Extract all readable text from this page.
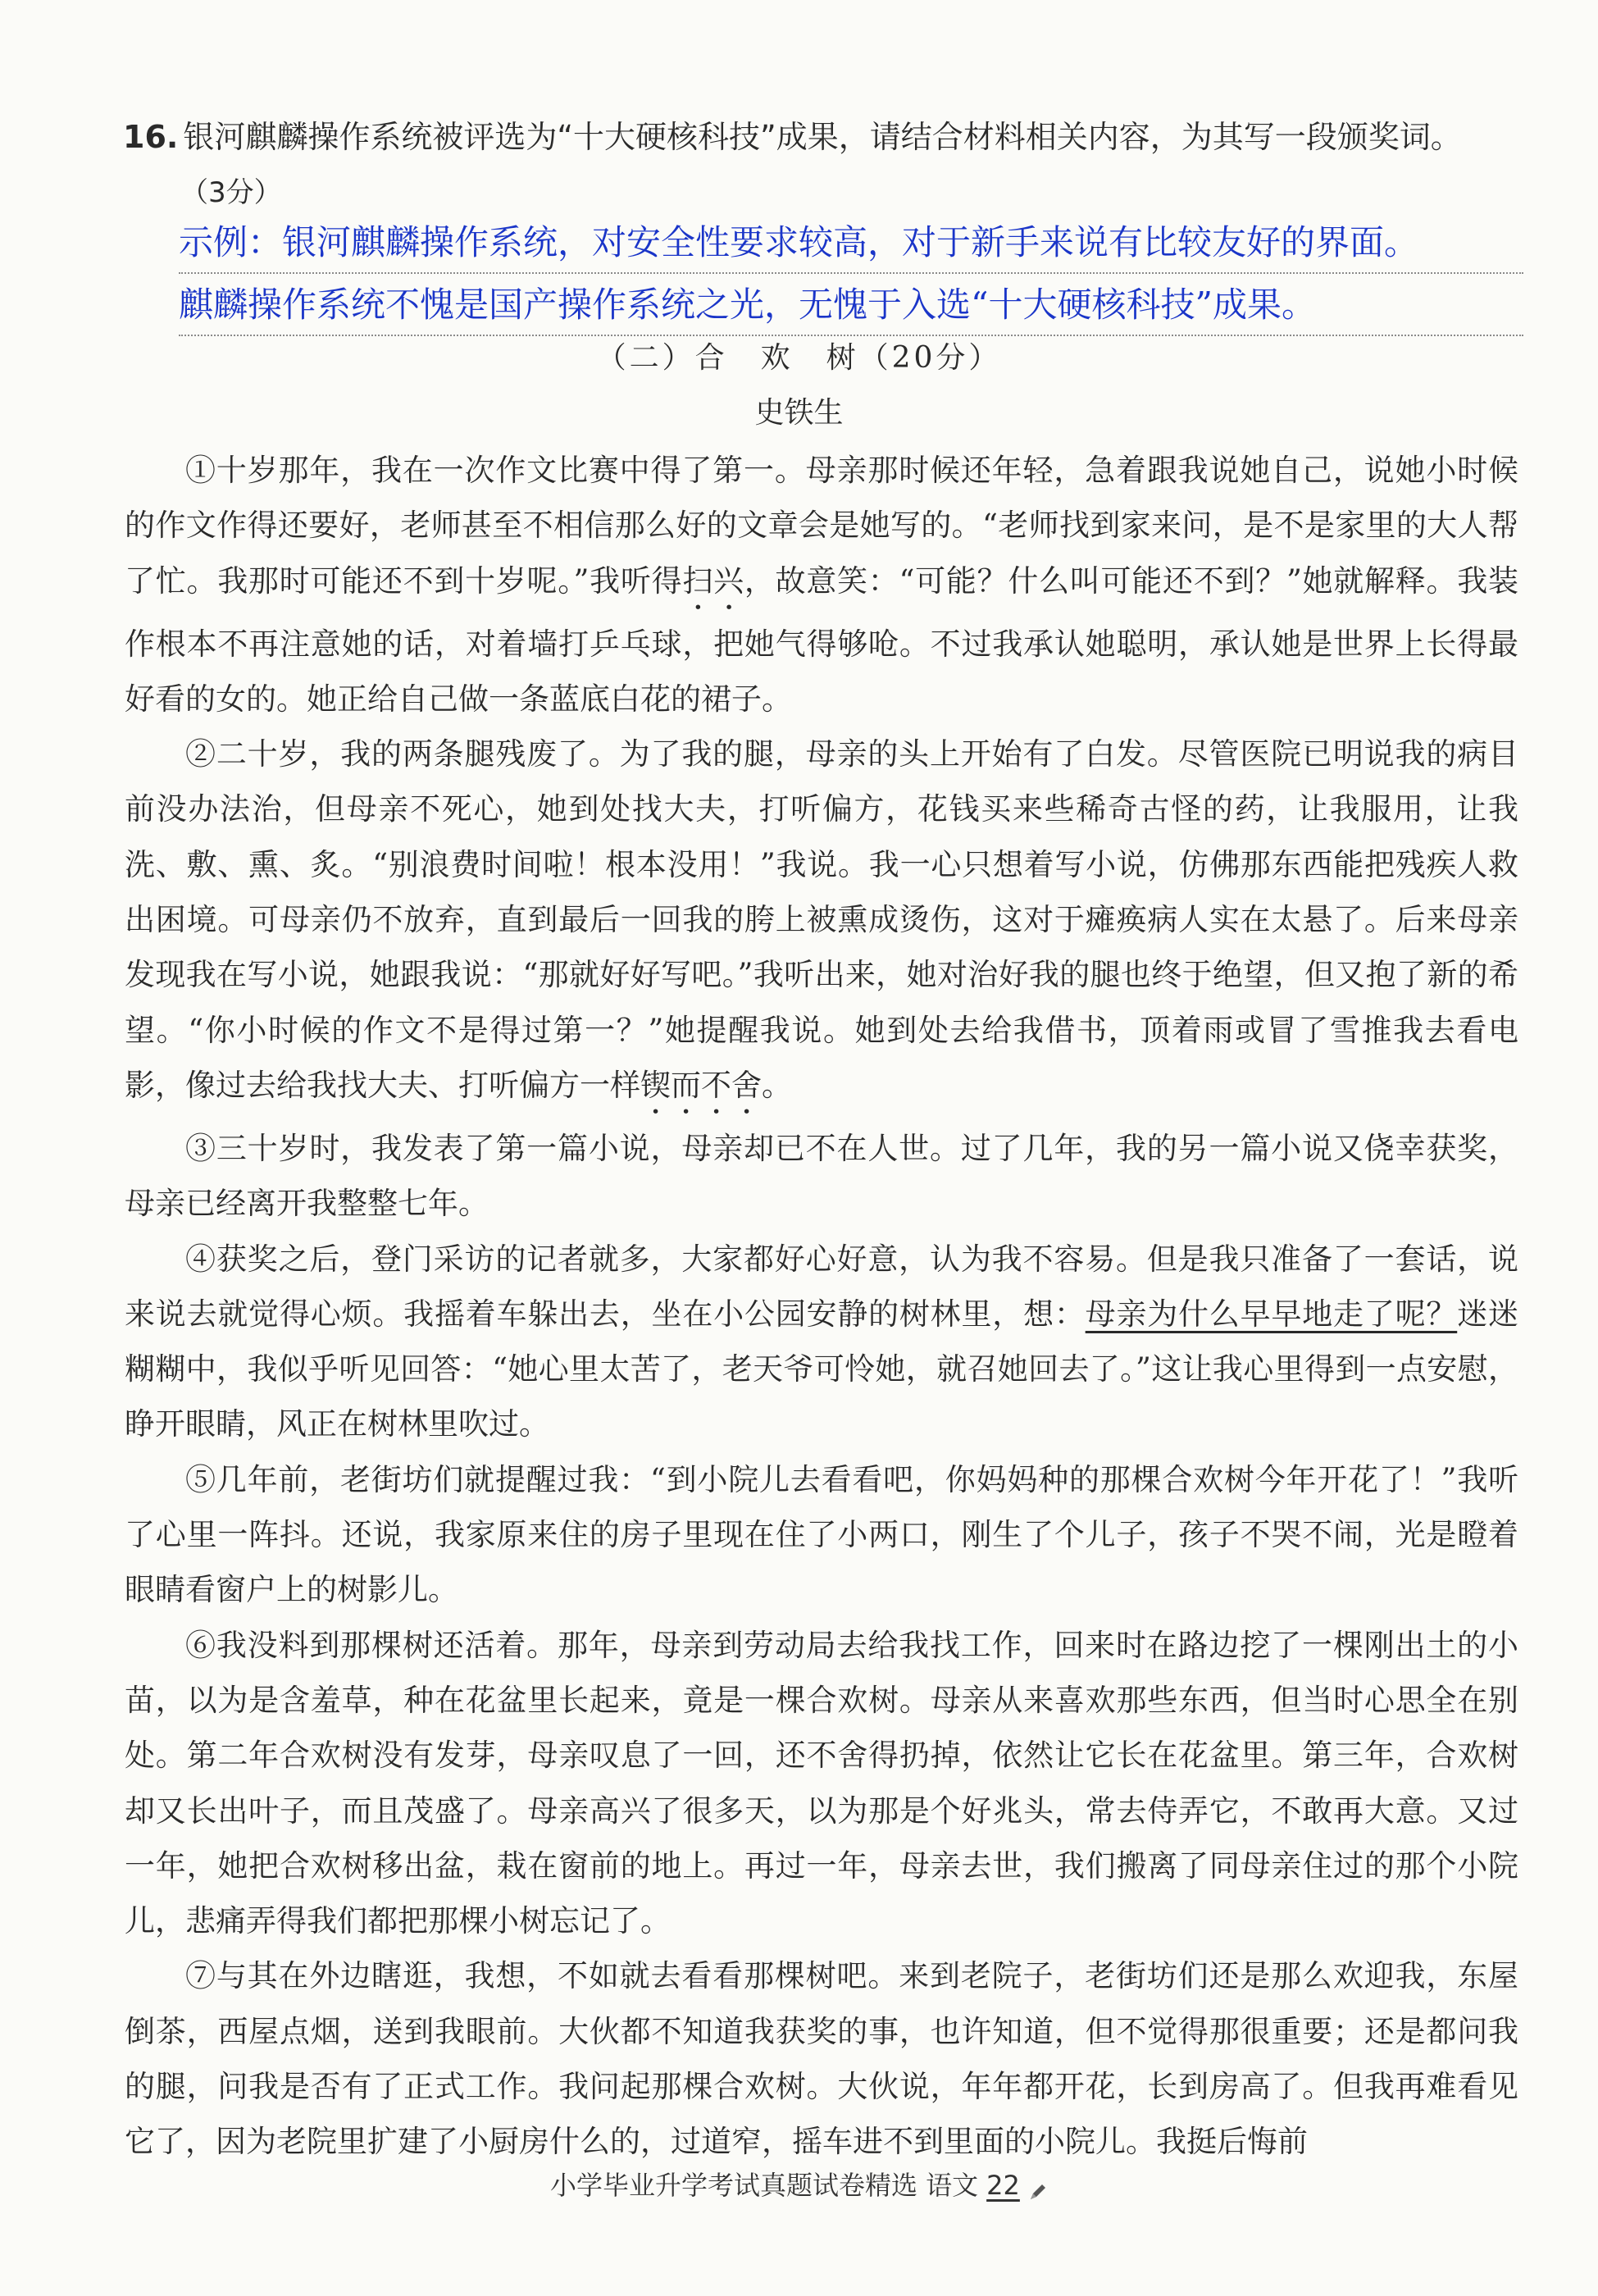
16. 银河麒麟操作系统被评选为“十大硬核科技”成果，请结合材料相关内容，为其写一段颁奖词。
（3分）
示例：银河麒麟操作系统，对安全性要求较高，对于新手来说有比较友好的界面。
麒麟操作系统不愧是国产操作系统之光，无愧于入选“十大硬核科技”成果。
（二）合　欢　树（20分）
史铁生

①十岁那年，我在一次作文比赛中得了第一。母亲那时候还年轻，急着跟我说她自己，说她小时候的作文作得还要好，老师甚至不相信那么好的文章会是她写的。“老师找到家来问，是不是家里的大人帮了忙。我那时可能还不到十岁呢。”我听得扫兴，故意笑：“可能？什么叫可能还不到？”她就解释。我装作根本不再注意她的话，对着墙打乒乓球，把她气得够呛。不过我承认她聪明，承认她是世界上长得最好看的女的。她正给自己做一条蓝底白花的裙子。

②二十岁，我的两条腿残废了。为了我的腿，母亲的头上开始有了白发。尽管医院已明说我的病目前没办法治，但母亲不死心，她到处找大夫，打听偏方，花钱买来些稀奇古怪的药，让我服用，让我洗、敷、熏、炙。“别浪费时间啦！根本没用！”我说。我一心只想着写小说，仿佛那东西能把残疾人救出困境。可母亲仍不放弃，直到最后一回我的胯上被熏成烫伤，这对于瘫痪病人实在太悬了。后来母亲发现我在写小说，她跟我说：“那就好好写吧。”我听出来，她对治好我的腿也终于绝望，但又抱了新的希望。“你小时候的作文不是得过第一？”她提醒我说。她到处去给我借书，顶着雨或冒了雪推我去看电影，像过去给我找大夫、打听偏方一样锲而不舍。

③三十岁时，我发表了第一篇小说，母亲却已不在人世。过了几年，我的另一篇小说又侥幸获奖，母亲已经离开我整整七年。

④获奖之后，登门采访的记者就多，大家都好心好意，认为我不容易。但是我只准备了一套话，说来说去就觉得心烦。我摇着车躲出去，坐在小公园安静的树林里，想：母亲为什么早早地走了呢？迷迷糊糊中，我似乎听见回答：“她心里太苦了，老天爷可怜她，就召她回去了。”这让我心里得到一点安慰，睁开眼睛，风正在树林里吹过。

⑤几年前，老街坊们就提醒过我：“到小院儿去看看吧，你妈妈种的那棵合欢树今年开花了！”我听了心里一阵抖。还说，我家原来住的房子里现在住了小两口，刚生了个儿子，孩子不哭不闹，光是瞪着眼睛看窗户上的树影儿。

⑥我没料到那棵树还活着。那年，母亲到劳动局去给我找工作，回来时在路边挖了一棵刚出土的小苗，以为是含羞草，种在花盆里长起来，竟是一棵合欢树。母亲从来喜欢那些东西，但当时心思全在别处。第二年合欢树没有发芽，母亲叹息了一回，还不舍得扔掉，依然让它长在花盆里。第三年，合欢树却又长出叶子，而且茂盛了。母亲高兴了很多天，以为那是个好兆头，常去侍弄它，不敢再大意。又过一年，她把合欢树移出盆，栽在窗前的地上。再过一年，母亲去世，我们搬离了同母亲住过的那个小院儿，悲痛弄得我们都把那棵小树忘记了。

⑦与其在外边瞎逛，我想，不如就去看看那棵树吧。来到老院子，老街坊们还是那么欢迎我，东屋倒茶，西屋点烟，送到我眼前。大伙都不知道我获奖的事，也许知道，但不觉得那很重要；还是都问我的腿，问我是否有了正式工作。我问起那棵合欢树。大伙说，年年都开花，长到房高了。但我再难看见它了，因为老院里扩建了小厨房什么的，过道窄，摇车进不到里面的小院儿。我挺后悔前

小学毕业升学考试真题试卷精选 语文 22
